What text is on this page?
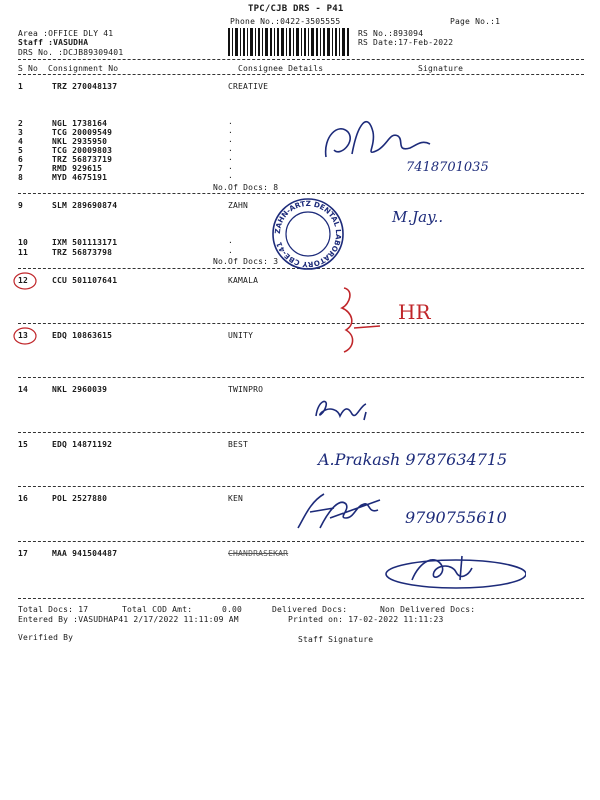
TPC/CJB DRS - P41
Phone No.:0422-3505555	Page No.:1
Area :OFFICE DLY 41
Staff :VASUDHA
DRS No. :DCJB89309401
RS No.:893094
RS Date:17-Feb-2022
S No Consignment No	Consignee Details	Signature
1	TRZ 270048137	CREATIVE
2	NGL 1738164	.
3	TCG 20009549	.
4	NKL 2935950	.
5	TCG 20009803	.
6	TRZ 56873719	.
7	RMD 929615	.
8	MYD 4675191	.
No.Of Docs: 8
9	SLM 289690874	ZAHN
10	IXM 501113171	.
11	TRZ 56873798	.
No.Of Docs: 3
12	CCU 501107641	KAMALA
13	EDQ 10863615	UNITY
14	NKL 2960039	TWINPRO
15	EDQ 14871192	BEST
16	POL 2527880	KEN
17	MAA 941504487	CHANDRASEKAR
7418701035
M.Jay..
ZAHN-ARTZ DENTAL LABORATORY CBE-41
HR
A.Prakash 9787634715
9790755610
Total Docs: 17	Total COD Amt:	0.00	Delivered Docs:	Non Delivered Docs:
Entered By :VASUDHAP41 2/17/2022 11:11:09 AM	Printed on: 17-02-2022 11:11:23
Verified By	Staff Signature
